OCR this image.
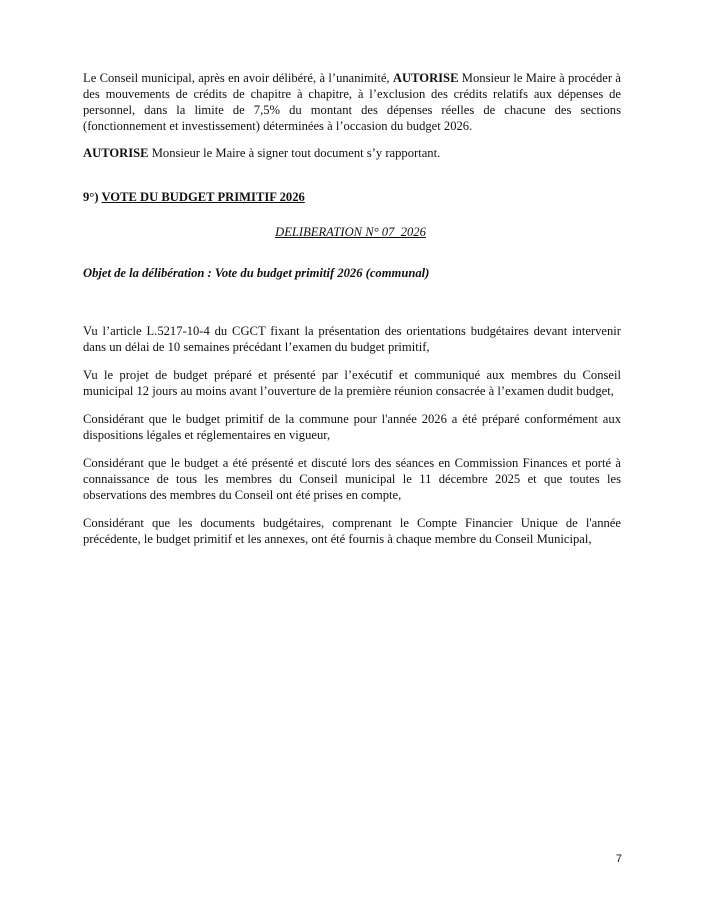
Le Conseil municipal, après en avoir délibéré, à l’unanimité, AUTORISE Monsieur le Maire à procéder à des mouvements de crédits de chapitre à chapitre, à l’exclusion des crédits relatifs aux dépenses de personnel, dans la limite de 7,5% du montant des dépenses réelles de chacune des sections (fonctionnement et investissement) déterminées à l’occasion du budget 2026.

AUTORISE Monsieur le Maire à signer tout document s’y rapportant.

9°) VOTE DU BUDGET PRIMITIF 2026

DELIBERATION N° 07_2026

Objet de la délibération : Vote du budget primitif 2026 (communal)

Vu l’article L.5217-10-4 du CGCT fixant la présentation des orientations budgétaires devant intervenir dans un délai de 10 semaines précédant l’examen du budget primitif,

Vu le projet de budget préparé et présenté par l’exécutif et communiqué aux membres du Conseil municipal 12 jours au moins avant l’ouverture de la première réunion consacrée à l’examen dudit budget,

Considérant que le budget primitif de la commune pour l'année 2026 a été préparé conformément aux dispositions légales et réglementaires en vigueur,

Considérant que le budget a été présenté et discuté lors des séances en Commission Finances et porté à connaissance de tous les membres du Conseil municipal le 11 décembre 2025 et que toutes les observations des membres du Conseil ont été prises en compte,

Considérant que les documents budgétaires, comprenant le Compte Financier Unique de l'année précédente, le budget primitif et les annexes, ont été fournis à chaque membre du Conseil Municipal,

7
